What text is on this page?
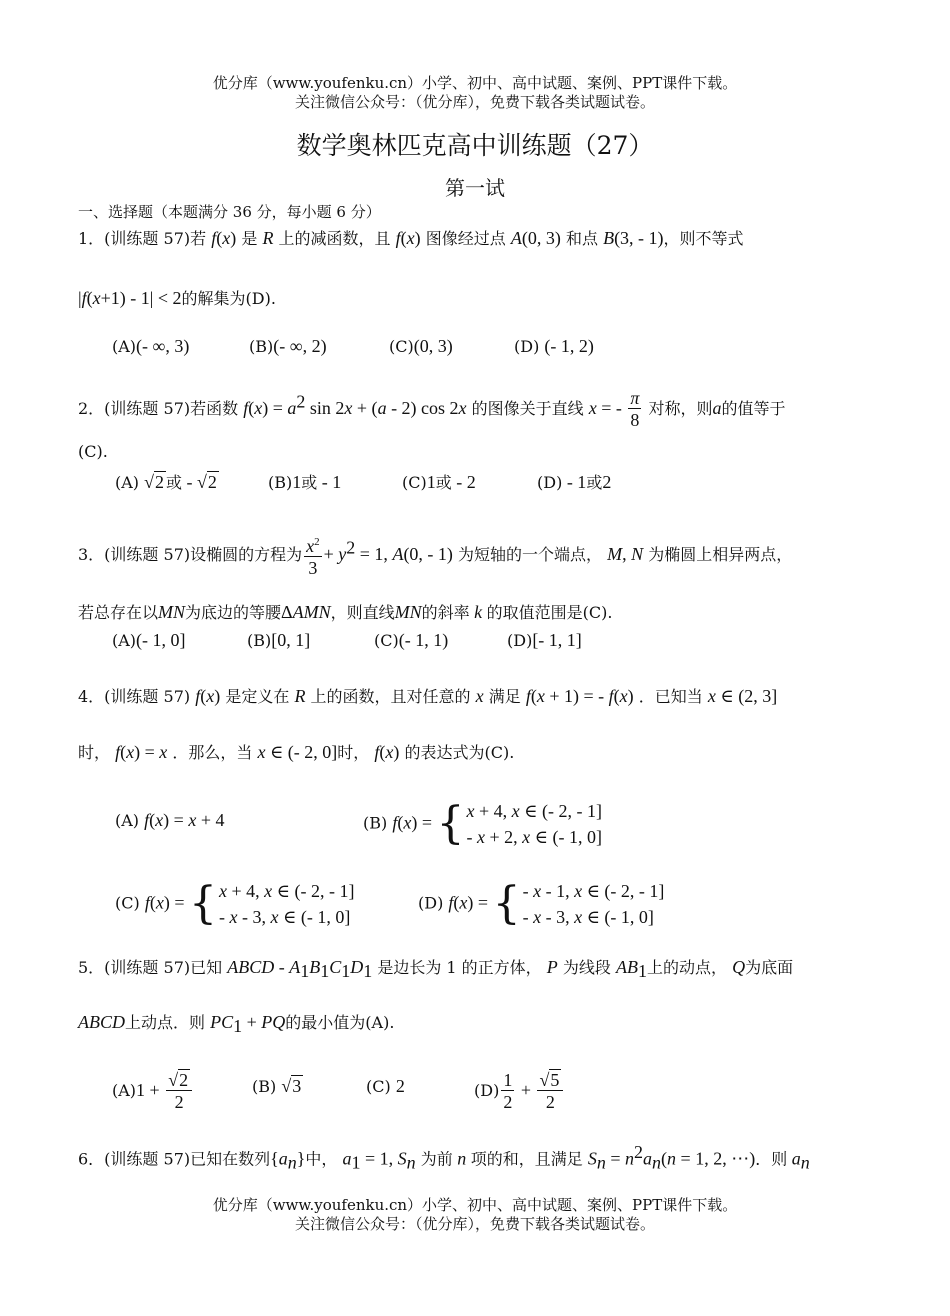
优分库（www.youfenku.cn）小学、初中、高中试题、案例、PPT课件下载。
关注微信公众号：（优分库），免费下载各类试题试卷。
数学奥林匹克高中训练题（27）
第一试
一、选择题（本题满分 36 分，每小题 6 分）
1．(训练题 57)若 f(x) 是 R 上的减函数，且 f(x) 图像经过点 A(0, 3) 和点 B(3, - 1)，则不等式
|f(x+1) - 1| < 2的解集为(D).
(A)(- ∞, 3)	(B)(- ∞, 2)	(C)(0, 3)	(D) (- 1, 2)
2．(训练题 57)若函数 $f(x) = a^2$ sin 2x + (a - 2) cos 2x 的图像关于直线 x = - $\frac{\pi}{8}$ 对称，则a的值等于
(C).
(A) √2 或 - √2	(B)1或 - 1	(C)1或 - 2	(D) - 1或2
3．(训练题 57)设椭圆的方程为 $\frac{x^2}{3} + y^2 = 1$, A(0, - 1) 为短轴的一个端点， M, N 为椭圆上相异两点，
若总存在以MN为底边的等腰ΔAMN，则直线MN的斜率 k 的取值范围是(C).
(A)(- 1, 0]	(B)[0, 1]	(C)(- 1, 1)	(D)[- 1, 1]
4．(训练题 57) f(x) 是定义在 R 上的函数，且对任意的 x 满足 f(x + 1) = - f(x) ．已知当 x ∈ (2, 3]
时， f(x) = x ．那么，当 x ∈ (- 2, 0]时， f(x) 的表达式为(C).
(A) f(x) = x + 4	(B) f(x) = { x + 4, x ∈ (- 2, - 1]
- x + 2, x ∈ (- 1, 0]
(C) f(x) = { x + 4, x ∈ (- 2, - 1]
- x - 3, x ∈ (- 1, 0]
(D) f(x) = { - x - 1, x ∈ (- 2, - 1]
- x - 3, x ∈ (- 1, 0]
5．(训练题 57)已知 ABCD - $A_1B_1C_1D_1$ 是边长为 1 的正方体， P 为线段 $AB_1$上的动点， Q为底面
ABCD上动点．则 $PC_1$ + PQ的最小值为(A).
$(A)1 + \frac{√2}{2}$	(B) √3	(C) 2	$(D) \frac{1}{2} + \frac{√5}{2}$
6．(训练题 57)已知在数列$\{a_n\}$中， $a_1 = 1$, $S_n$ 为前 n 项的和，且满足 $S_n = n^2a_n(n = 1$, 2, ⋯)．则 $a_n$
优分库（www.youfenku.cn）小学、初中、高中试题、案例、PPT课件下载。
关注微信公众号：（优分库），免费下载各类试题试卷。
